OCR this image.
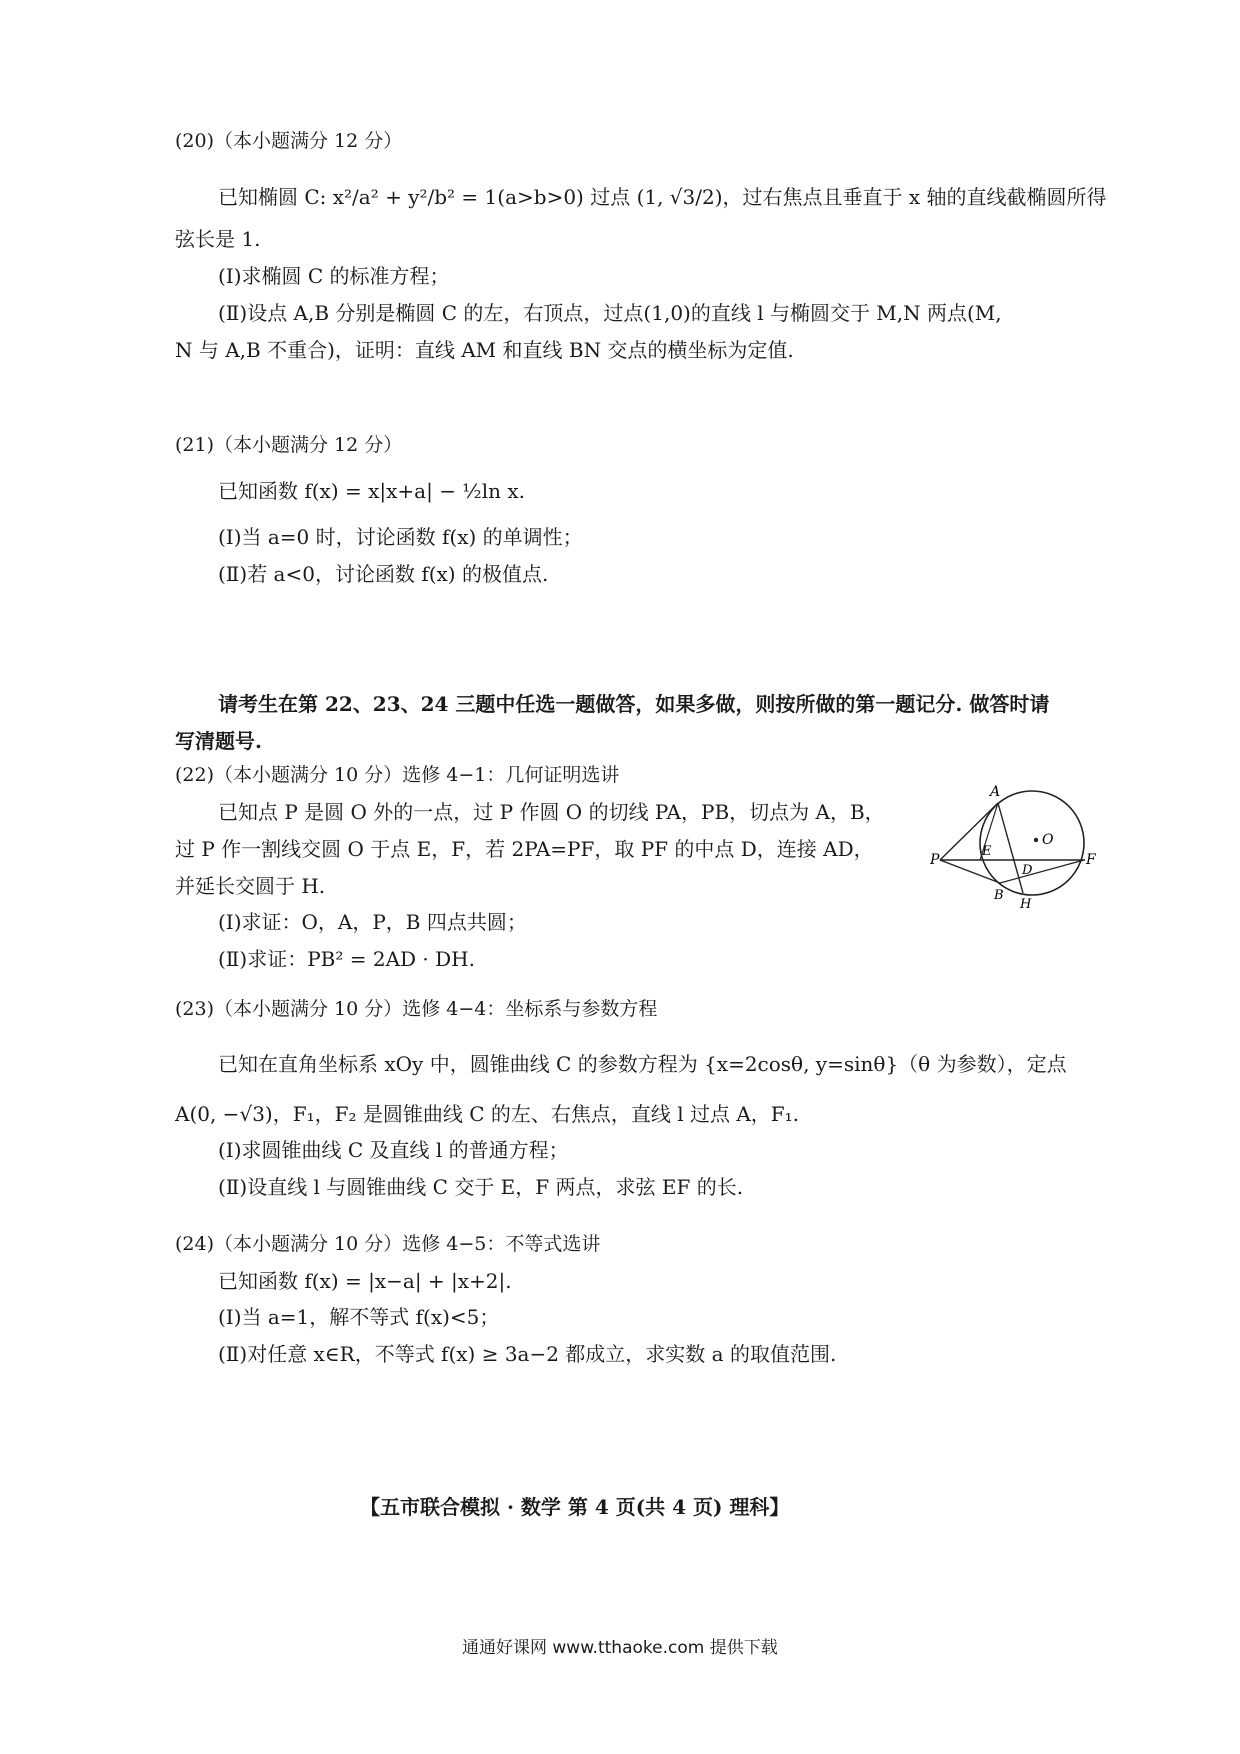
(20)（本小题满分 12 分）
已知椭圆 C: x²/a² + y²/b² = 1(a>b>0) 过点 (1, √3/2)，过右焦点且垂直于 x 轴的直线截椭圆所得
弦长是 1.
(Ⅰ)求椭圆 C 的标准方程；
(Ⅱ)设点 A,B 分别是椭圆 C 的左，右顶点，过点(1,0)的直线 l 与椭圆交于 M,N 两点(M,
N 与 A,B 不重合)，证明：直线 AM 和直线 BN 交点的横坐标为定值.
(21)（本小题满分 12 分）
已知函数 f(x) = x|x+a| − ½ln x.
(Ⅰ)当 a=0 时，讨论函数 f(x) 的单调性；
(Ⅱ)若 a<0，讨论函数 f(x) 的极值点.
请考生在第 22、23、24 三题中任选一题做答，如果多做，则按所做的第一题记分. 做答时请
写清题号.
(22)（本小题满分 10 分）选修 4−1：几何证明选讲
已知点 P 是圆 O 外的一点，过 P 作圆 O 的切线 PA，PB，切点为 A，B，
过 P 作一割线交圆 O 于点 E，F，若 2PA=PF，取 PF 的中点 D，连接 AD，
并延长交圆于 H.
(Ⅰ)求证：O，A，P，B 四点共圆；
(Ⅱ)求证：PB² = 2AD · DH.
A
O
P
E
D
F
B
H
(23)（本小题满分 10 分）选修 4−4：坐标系与参数方程
已知在直角坐标系 xOy 中，圆锥曲线 C 的参数方程为 {x=2cosθ, y=sinθ}（θ 为参数），定点
A(0, −√3)，F₁，F₂ 是圆锥曲线 C 的左、右焦点，直线 l 过点 A，F₁.
(Ⅰ)求圆锥曲线 C 及直线 l 的普通方程；
(Ⅱ)设直线 l 与圆锥曲线 C 交于 E，F 两点，求弦 EF 的长.
(24)（本小题满分 10 分）选修 4−5：不等式选讲
已知函数 f(x) = |x−a| + |x+2|.
(Ⅰ)当 a=1，解不等式 f(x)<5；
(Ⅱ)对任意 x∈R，不等式 f(x) ≥ 3a−2 都成立，求实数 a 的取值范围.
【五市联合模拟 · 数学 第 4 页(共 4 页) 理科】
通通好课网 www.tthaoke.com 提供下载
